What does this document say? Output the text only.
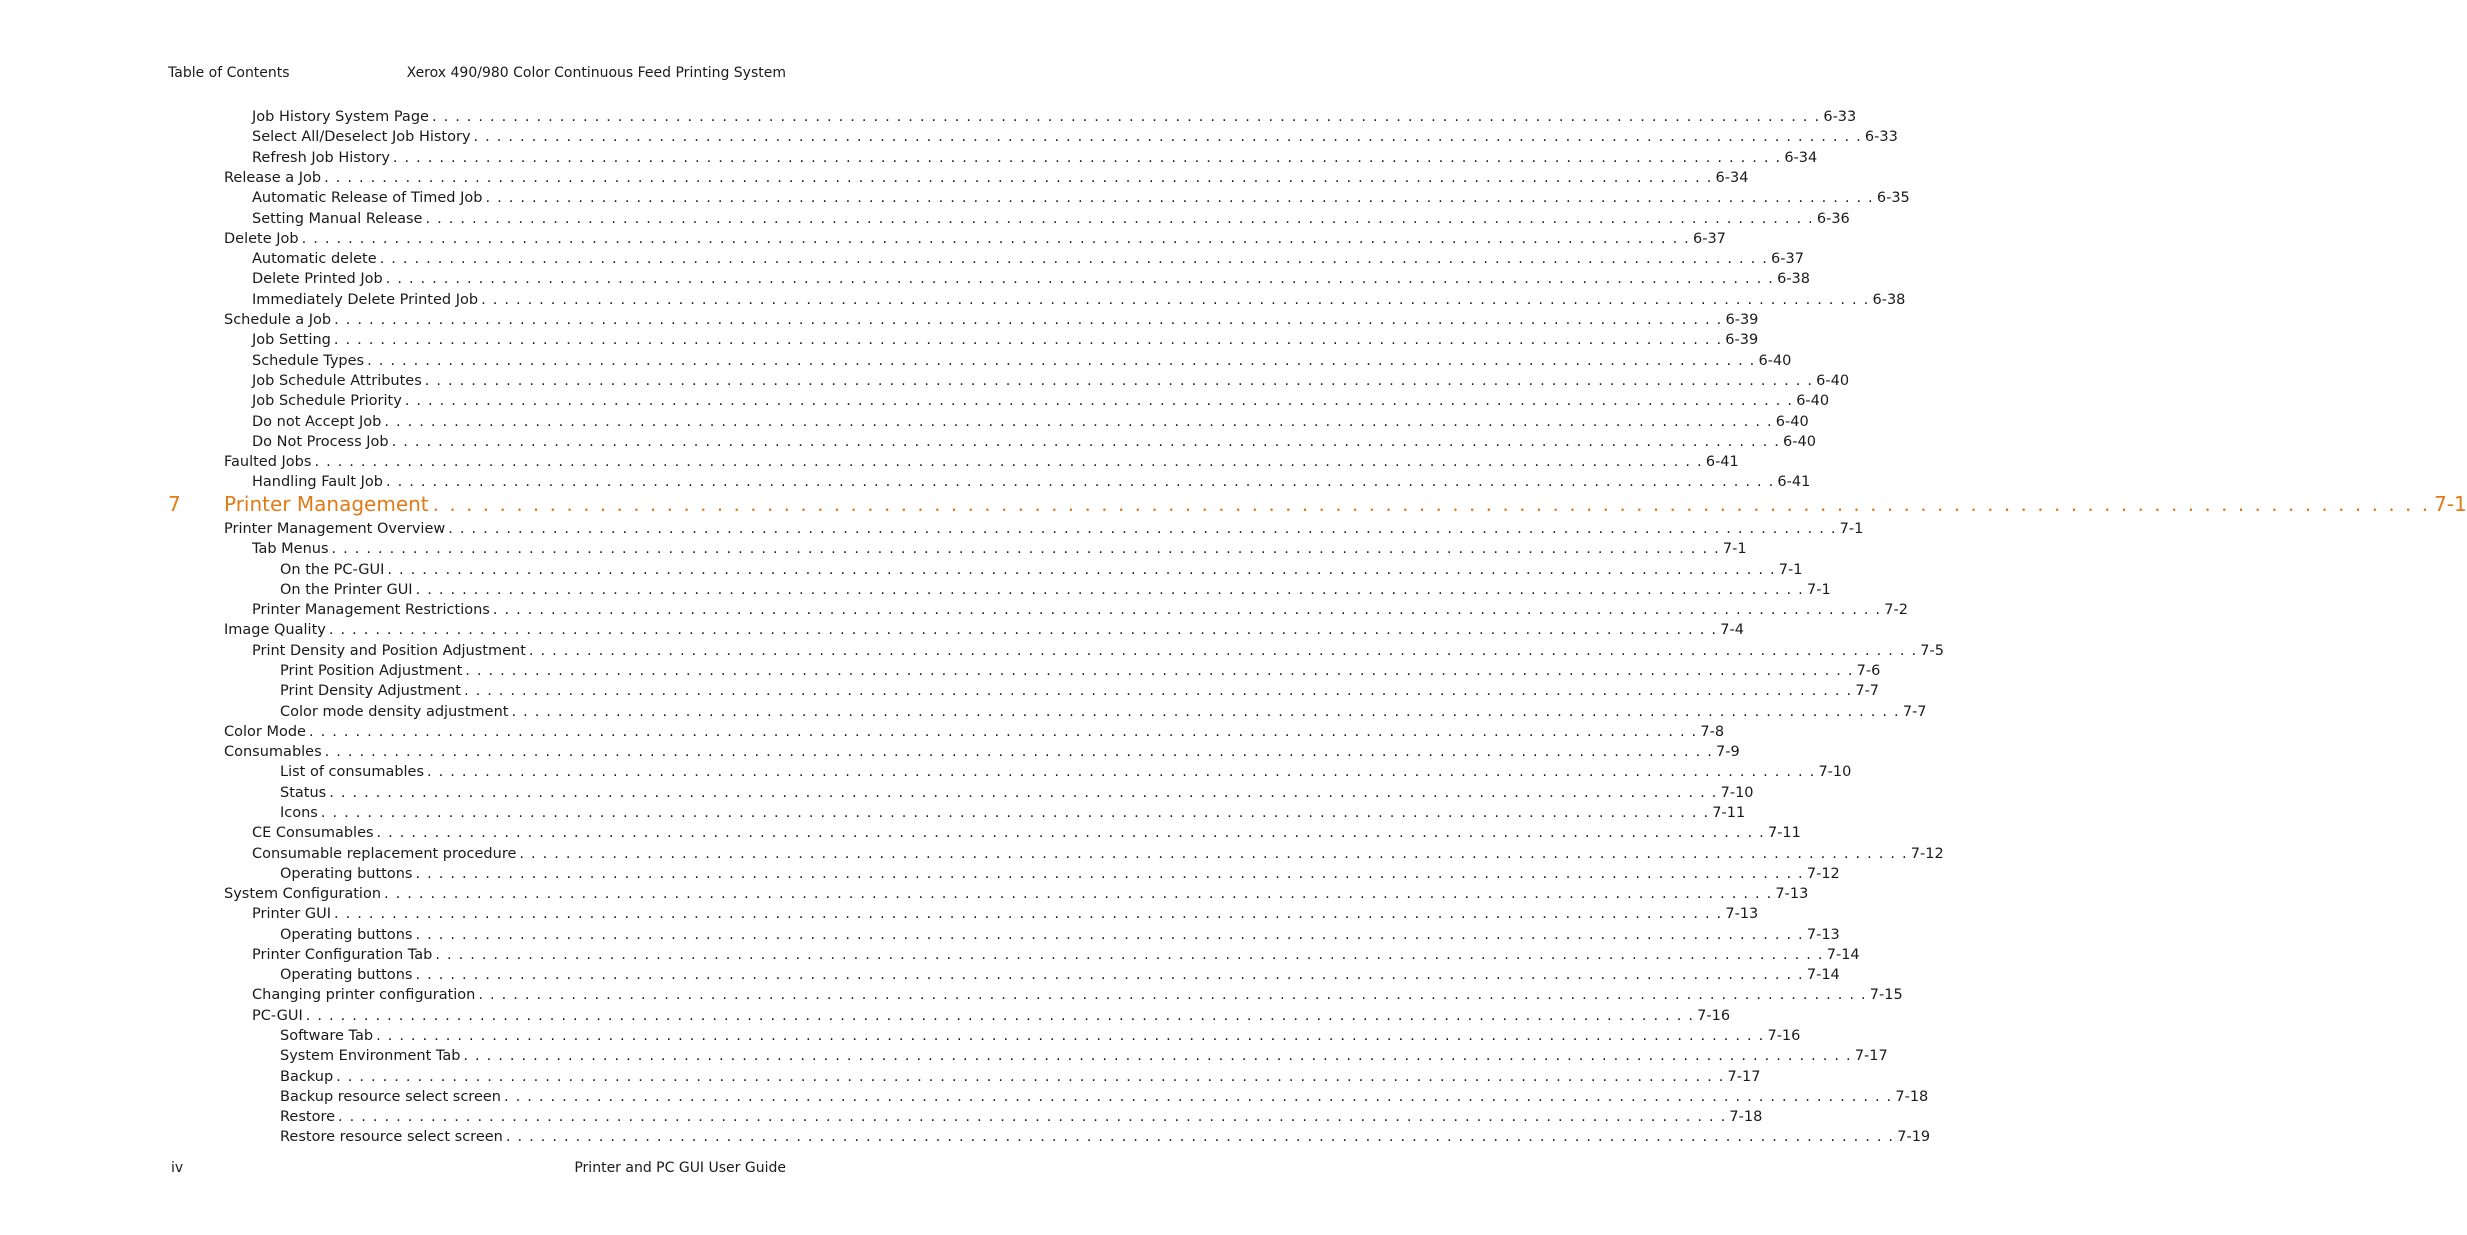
Table of Contents	Xerox 490/980 Color Continuous Feed Printing System
Job History System Page . . . . . . . . . . . . . . . . . . . . . . . . . . . . . . . . . . . . . . . . . . . . . . . . . . . . . . . . . . . . . . . . . . . . . . . . . . . . . . . . . . . . . . . . . . . . . . . . . . . . . . . . . . . . . . . . . . . . . . . . 6-33
Select All/Deselect Job History . . . . . . . . . . . . . . . . . . . . . . . . . . . . . . . . . . . . . . . . . . . . . . . . . . . . . . . . . . . . . . . . . . . . . . . . . . . . . . . . . . . . . . . . . . . . . . . . . . . . . . . . . . . . . . . . . . . . . . . . 6-33
Refresh Job History . . . . . . . . . . . . . . . . . . . . . . . . . . . . . . . . . . . . . . . . . . . . . . . . . . . . . . . . . . . . . . . . . . . . . . . . . . . . . . . . . . . . . . . . . . . . . . . . . . . . . . . . . . . . . . . . . . . . . . . . 6-34
Release a Job . . . . . . . . . . . . . . . . . . . . . . . . . . . . . . . . . . . . . . . . . . . . . . . . . . . . . . . . . . . . . . . . . . . . . . . . . . . . . . . . . . . . . . . . . . . . . . . . . . . . . . . . . . . . . . . . . . . . . . . . 6-34
Automatic Release of Timed Job . . . . . . . . . . . . . . . . . . . . . . . . . . . . . . . . . . . . . . . . . . . . . . . . . . . . . . . . . . . . . . . . . . . . . . . . . . . . . . . . . . . . . . . . . . . . . . . . . . . . . . . . . . . . . . . . . . . . . . . . 6-35
Setting Manual Release . . . . . . . . . . . . . . . . . . . . . . . . . . . . . . . . . . . . . . . . . . . . . . . . . . . . . . . . . . . . . . . . . . . . . . . . . . . . . . . . . . . . . . . . . . . . . . . . . . . . . . . . . . . . . . . . . . . . . . . . 6-36
Delete Job . . . . . . . . . . . . . . . . . . . . . . . . . . . . . . . . . . . . . . . . . . . . . . . . . . . . . . . . . . . . . . . . . . . . . . . . . . . . . . . . . . . . . . . . . . . . . . . . . . . . . . . . . . . . . . . . . . . . . . . . 6-37
Automatic delete . . . . . . . . . . . . . . . . . . . . . . . . . . . . . . . . . . . . . . . . . . . . . . . . . . . . . . . . . . . . . . . . . . . . . . . . . . . . . . . . . . . . . . . . . . . . . . . . . . . . . . . . . . . . . . . . . . . . . . . . 6-37
Delete Printed Job . . . . . . . . . . . . . . . . . . . . . . . . . . . . . . . . . . . . . . . . . . . . . . . . . . . . . . . . . . . . . . . . . . . . . . . . . . . . . . . . . . . . . . . . . . . . . . . . . . . . . . . . . . . . . . . . . . . . . . . . 6-38
Immediately Delete Printed Job . . . . . . . . . . . . . . . . . . . . . . . . . . . . . . . . . . . . . . . . . . . . . . . . . . . . . . . . . . . . . . . . . . . . . . . . . . . . . . . . . . . . . . . . . . . . . . . . . . . . . . . . . . . . . . . . . . . . . . . . 6-38
Schedule a Job . . . . . . . . . . . . . . . . . . . . . . . . . . . . . . . . . . . . . . . . . . . . . . . . . . . . . . . . . . . . . . . . . . . . . . . . . . . . . . . . . . . . . . . . . . . . . . . . . . . . . . . . . . . . . . . . . . . . . . . . 6-39
Job Setting . . . . . . . . . . . . . . . . . . . . . . . . . . . . . . . . . . . . . . . . . . . . . . . . . . . . . . . . . . . . . . . . . . . . . . . . . . . . . . . . . . . . . . . . . . . . . . . . . . . . . . . . . . . . . . . . . . . . . . . . 6-39
Schedule Types . . . . . . . . . . . . . . . . . . . . . . . . . . . . . . . . . . . . . . . . . . . . . . . . . . . . . . . . . . . . . . . . . . . . . . . . . . . . . . . . . . . . . . . . . . . . . . . . . . . . . . . . . . . . . . . . . . . . . . . . 6-40
Job Schedule Attributes . . . . . . . . . . . . . . . . . . . . . . . . . . . . . . . . . . . . . . . . . . . . . . . . . . . . . . . . . . . . . . . . . . . . . . . . . . . . . . . . . . . . . . . . . . . . . . . . . . . . . . . . . . . . . . . . . . . . . . . . 6-40
Job Schedule Priority . . . . . . . . . . . . . . . . . . . . . . . . . . . . . . . . . . . . . . . . . . . . . . . . . . . . . . . . . . . . . . . . . . . . . . . . . . . . . . . . . . . . . . . . . . . . . . . . . . . . . . . . . . . . . . . . . . . . . . . . 6-40
Do not Accept Job . . . . . . . . . . . . . . . . . . . . . . . . . . . . . . . . . . . . . . . . . . . . . . . . . . . . . . . . . . . . . . . . . . . . . . . . . . . . . . . . . . . . . . . . . . . . . . . . . . . . . . . . . . . . . . . . . . . . . . . . 6-40
Do Not Process Job . . . . . . . . . . . . . . . . . . . . . . . . . . . . . . . . . . . . . . . . . . . . . . . . . . . . . . . . . . . . . . . . . . . . . . . . . . . . . . . . . . . . . . . . . . . . . . . . . . . . . . . . . . . . . . . . . . . . . . . . 6-40
Faulted Jobs . . . . . . . . . . . . . . . . . . . . . . . . . . . . . . . . . . . . . . . . . . . . . . . . . . . . . . . . . . . . . . . . . . . . . . . . . . . . . . . . . . . . . . . . . . . . . . . . . . . . . . . . . . . . . . . . . . . . . . . . 6-41
Handling Fault Job . . . . . . . . . . . . . . . . . . . . . . . . . . . . . . . . . . . . . . . . . . . . . . . . . . . . . . . . . . . . . . . . . . . . . . . . . . . . . . . . . . . . . . . . . . . . . . . . . . . . . . . . . . . . . . . . . . . . . . . . 6-41
7 Printer Management . . . . . . . . . . . . . . . . . . . . . . . . . . . . . . . . . . . . . . . . . . . . . . . . . . . . . . . . . . . . . . . . . . . . . . . . . . . . . . . . . . . . . . . . . . . . . . . . . . . . . . . . . . . . . . . . . . . . . . . . 7-1
Printer Management Overview . . . . . . . . . . . . . . . . . . . . . . . . . . . . . . . . . . . . . . . . . . . . . . . . . . . . . . . . . . . . . . . . . . . . . . . . . . . . . . . . . . . . . . . . . . . . . . . . . . . . . . . . . . . . . . . . . . . . . . . . 7-1
Tab Menus . . . . . . . . . . . . . . . . . . . . . . . . . . . . . . . . . . . . . . . . . . . . . . . . . . . . . . . . . . . . . . . . . . . . . . . . . . . . . . . . . . . . . . . . . . . . . . . . . . . . . . . . . . . . . . . . . . . . . . . . 7-1
On the PC-GUI . . . . . . . . . . . . . . . . . . . . . . . . . . . . . . . . . . . . . . . . . . . . . . . . . . . . . . . . . . . . . . . . . . . . . . . . . . . . . . . . . . . . . . . . . . . . . . . . . . . . . . . . . . . . . . . . . . . . . . . . 7-1
On the Printer GUI . . . . . . . . . . . . . . . . . . . . . . . . . . . . . . . . . . . . . . . . . . . . . . . . . . . . . . . . . . . . . . . . . . . . . . . . . . . . . . . . . . . . . . . . . . . . . . . . . . . . . . . . . . . . . . . . . . . . . . . . 7-1
Printer Management Restrictions . . . . . . . . . . . . . . . . . . . . . . . . . . . . . . . . . . . . . . . . . . . . . . . . . . . . . . . . . . . . . . . . . . . . . . . . . . . . . . . . . . . . . . . . . . . . . . . . . . . . . . . . . . . . . . . . . . . . . . . . 7-2
Image Quality . . . . . . . . . . . . . . . . . . . . . . . . . . . . . . . . . . . . . . . . . . . . . . . . . . . . . . . . . . . . . . . . . . . . . . . . . . . . . . . . . . . . . . . . . . . . . . . . . . . . . . . . . . . . . . . . . . . . . . . . 7-4
Print Density and Position Adjustment . . . . . . . . . . . . . . . . . . . . . . . . . . . . . . . . . . . . . . . . . . . . . . . . . . . . . . . . . . . . . . . . . . . . . . . . . . . . . . . . . . . . . . . . . . . . . . . . . . . . . . . . . . . . . . . . . . . . . . . . 7-5
Print Position Adjustment . . . . . . . . . . . . . . . . . . . . . . . . . . . . . . . . . . . . . . . . . . . . . . . . . . . . . . . . . . . . . . . . . . . . . . . . . . . . . . . . . . . . . . . . . . . . . . . . . . . . . . . . . . . . . . . . . . . . . . . . 7-6
Print Density Adjustment . . . . . . . . . . . . . . . . . . . . . . . . . . . . . . . . . . . . . . . . . . . . . . . . . . . . . . . . . . . . . . . . . . . . . . . . . . . . . . . . . . . . . . . . . . . . . . . . . . . . . . . . . . . . . . . . . . . . . . . . 7-7
Color mode density adjustment . . . . . . . . . . . . . . . . . . . . . . . . . . . . . . . . . . . . . . . . . . . . . . . . . . . . . . . . . . . . . . . . . . . . . . . . . . . . . . . . . . . . . . . . . . . . . . . . . . . . . . . . . . . . . . . . . . . . . . . . 7-7
Color Mode . . . . . . . . . . . . . . . . . . . . . . . . . . . . . . . . . . . . . . . . . . . . . . . . . . . . . . . . . . . . . . . . . . . . . . . . . . . . . . . . . . . . . . . . . . . . . . . . . . . . . . . . . . . . . . . . . . . . . . . . 7-8
Consumables . . . . . . . . . . . . . . . . . . . . . . . . . . . . . . . . . . . . . . . . . . . . . . . . . . . . . . . . . . . . . . . . . . . . . . . . . . . . . . . . . . . . . . . . . . . . . . . . . . . . . . . . . . . . . . . . . . . . . . . . 7-9
List of consumables . . . . . . . . . . . . . . . . . . . . . . . . . . . . . . . . . . . . . . . . . . . . . . . . . . . . . . . . . . . . . . . . . . . . . . . . . . . . . . . . . . . . . . . . . . . . . . . . . . . . . . . . . . . . . . . . . . . . . . . . 7-10
Status . . . . . . . . . . . . . . . . . . . . . . . . . . . . . . . . . . . . . . . . . . . . . . . . . . . . . . . . . . . . . . . . . . . . . . . . . . . . . . . . . . . . . . . . . . . . . . . . . . . . . . . . . . . . . . . . . . . . . . . . 7-10
Icons . . . . . . . . . . . . . . . . . . . . . . . . . . . . . . . . . . . . . . . . . . . . . . . . . . . . . . . . . . . . . . . . . . . . . . . . . . . . . . . . . . . . . . . . . . . . . . . . . . . . . . . . . . . . . . . . . . . . . . . . 7-11
CE Consumables . . . . . . . . . . . . . . . . . . . . . . . . . . . . . . . . . . . . . . . . . . . . . . . . . . . . . . . . . . . . . . . . . . . . . . . . . . . . . . . . . . . . . . . . . . . . . . . . . . . . . . . . . . . . . . . . . . . . . . . . 7-11
Consumable replacement procedure . . . . . . . . . . . . . . . . . . . . . . . . . . . . . . . . . . . . . . . . . . . . . . . . . . . . . . . . . . . . . . . . . . . . . . . . . . . . . . . . . . . . . . . . . . . . . . . . . . . . . . . . . . . . . . . . . . . . . . . . 7-12
Operating buttons . . . . . . . . . . . . . . . . . . . . . . . . . . . . . . . . . . . . . . . . . . . . . . . . . . . . . . . . . . . . . . . . . . . . . . . . . . . . . . . . . . . . . . . . . . . . . . . . . . . . . . . . . . . . . . . . . . . . . . . . 7-12
System Configuration . . . . . . . . . . . . . . . . . . . . . . . . . . . . . . . . . . . . . . . . . . . . . . . . . . . . . . . . . . . . . . . . . . . . . . . . . . . . . . . . . . . . . . . . . . . . . . . . . . . . . . . . . . . . . . . . . . . . . . . . 7-13
Printer GUI . . . . . . . . . . . . . . . . . . . . . . . . . . . . . . . . . . . . . . . . . . . . . . . . . . . . . . . . . . . . . . . . . . . . . . . . . . . . . . . . . . . . . . . . . . . . . . . . . . . . . . . . . . . . . . . . . . . . . . . . 7-13
Operating buttons . . . . . . . . . . . . . . . . . . . . . . . . . . . . . . . . . . . . . . . . . . . . . . . . . . . . . . . . . . . . . . . . . . . . . . . . . . . . . . . . . . . . . . . . . . . . . . . . . . . . . . . . . . . . . . . . . . . . . . . . 7-13
Printer Configuration Tab . . . . . . . . . . . . . . . . . . . . . . . . . . . . . . . . . . . . . . . . . . . . . . . . . . . . . . . . . . . . . . . . . . . . . . . . . . . . . . . . . . . . . . . . . . . . . . . . . . . . . . . . . . . . . . . . . . . . . . . . 7-14
Operating buttons . . . . . . . . . . . . . . . . . . . . . . . . . . . . . . . . . . . . . . . . . . . . . . . . . . . . . . . . . . . . . . . . . . . . . . . . . . . . . . . . . . . . . . . . . . . . . . . . . . . . . . . . . . . . . . . . . . . . . . . . 7-14
Changing printer configuration . . . . . . . . . . . . . . . . . . . . . . . . . . . . . . . . . . . . . . . . . . . . . . . . . . . . . . . . . . . . . . . . . . . . . . . . . . . . . . . . . . . . . . . . . . . . . . . . . . . . . . . . . . . . . . . . . . . . . . . . 7-15
PC-GUI . . . . . . . . . . . . . . . . . . . . . . . . . . . . . . . . . . . . . . . . . . . . . . . . . . . . . . . . . . . . . . . . . . . . . . . . . . . . . . . . . . . . . . . . . . . . . . . . . . . . . . . . . . . . . . . . . . . . . . . . 7-16
Software Tab . . . . . . . . . . . . . . . . . . . . . . . . . . . . . . . . . . . . . . . . . . . . . . . . . . . . . . . . . . . . . . . . . . . . . . . . . . . . . . . . . . . . . . . . . . . . . . . . . . . . . . . . . . . . . . . . . . . . . . . . 7-16
System Environment Tab . . . . . . . . . . . . . . . . . . . . . . . . . . . . . . . . . . . . . . . . . . . . . . . . . . . . . . . . . . . . . . . . . . . . . . . . . . . . . . . . . . . . . . . . . . . . . . . . . . . . . . . . . . . . . . . . . . . . . . . . 7-17
Backup . . . . . . . . . . . . . . . . . . . . . . . . . . . . . . . . . . . . . . . . . . . . . . . . . . . . . . . . . . . . . . . . . . . . . . . . . . . . . . . . . . . . . . . . . . . . . . . . . . . . . . . . . . . . . . . . . . . . . . . . 7-17
Backup resource select screen . . . . . . . . . . . . . . . . . . . . . . . . . . . . . . . . . . . . . . . . . . . . . . . . . . . . . . . . . . . . . . . . . . . . . . . . . . . . . . . . . . . . . . . . . . . . . . . . . . . . . . . . . . . . . . . . . . . . . . . . 7-18
Restore . . . . . . . . . . . . . . . . . . . . . . . . . . . . . . . . . . . . . . . . . . . . . . . . . . . . . . . . . . . . . . . . . . . . . . . . . . . . . . . . . . . . . . . . . . . . . . . . . . . . . . . . . . . . . . . . . . . . . . . . 7-18
Restore resource select screen . . . . . . . . . . . . . . . . . . . . . . . . . . . . . . . . . . . . . . . . . . . . . . . . . . . . . . . . . . . . . . . . . . . . . . . . . . . . . . . . . . . . . . . . . . . . . . . . . . . . . . . . . . . . . . . . . . . . . . . . 7-19
iv	Printer and PC GUI User Guide
